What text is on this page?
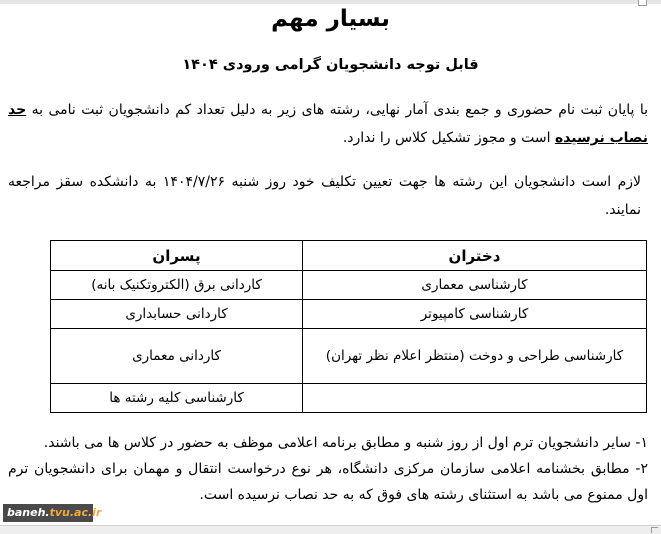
بسیار مهم
قابل توجه دانشجویان گرامی ورودی ۱۴۰۴
با پایان ثبت نام حضوری و جمع بندی آمار نهایی، رشته های زیر به دلیل تعداد کم دانشجویان ثبت نامی به حد نصاب نرسیده است و مجوز تشکیل کلاس را ندارد.
لازم است دانشجویان این رشته ها جهت تعیین تکلیف خود روز شنبه ۱۴۰۴/۷/۲۶ به دانشکده سقز مراجعه نمایند.
دختران	پسران
کارشناسی معماری	کاردانی برق (الکتروتکنیک بانه)
کارشناسی کامپیوتر	کاردانی حسابداری
کارشناسی طراحی و دوخت (منتظر اعلام نظر تهران)	کاردانی معماری
	کارشناسی کلیه رشته ها
۱- سایر دانشجویان ترم اول از روز شنبه و مطابق برنامه اعلامی موظف به حضور در کلاس ها می باشند.
۲- مطابق بخشنامه اعلامی سازمان مرکزی دانشگاه، هر نوع درخواست انتقال و مهمان برای دانشجویان ترم اول ممنوع می باشد به استثنای رشته های فوق که به حد نصاب نرسیده است.
baneh.tvu.ac.ir
